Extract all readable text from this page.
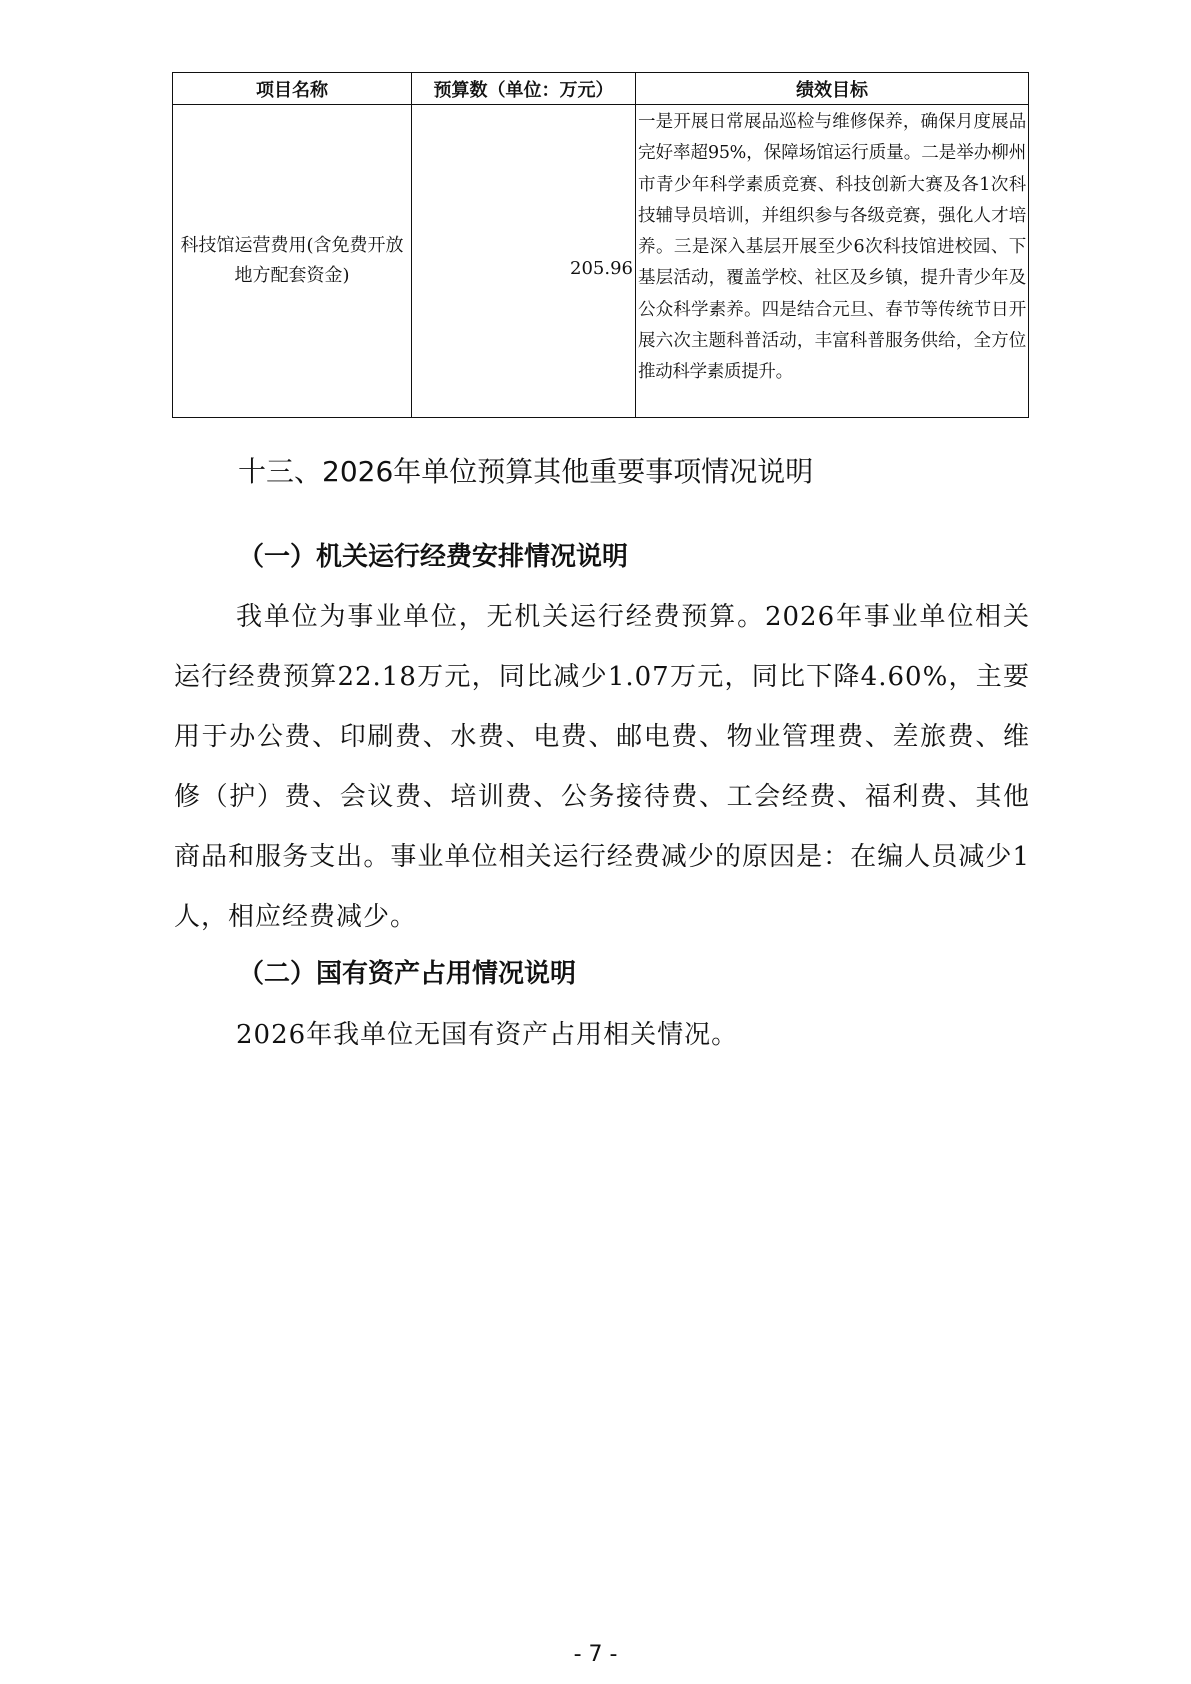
项目名称	预算数（单位：万元）	绩效目标
科技馆运营费用(含免费开放地方配套资金)	205.96	一是开展日常展品巡检与维修保养，确保月度展品完好率超95%，保障场馆运行质量。二是举办柳州市青少年科学素质竞赛、科技创新大赛及各1次科技辅导员培训，并组织参与各级竞赛，强化人才培养。三是深入基层开展至少6次科技馆进校园、下基层活动，覆盖学校、社区及乡镇，提升青少年及公众科学素养。四是结合元旦、春节等传统节日开展六次主题科普活动，丰富科普服务供给，全方位推动科学素质提升。
十三、2026年单位预算其他重要事项情况说明
（一）机关运行经费安排情况说明

我单位为事业单位，无机关运行经费预算。2026年事业单位相关运行经费预算22.18万元，同比减少1.07万元，同比下降4.60%，主要用于办公费、印刷费、水费、电费、邮电费、物业管理费、差旅费、维修（护）费、会议费、培训费、公务接待费、工会经费、福利费、其他商品和服务支出。事业单位相关运行经费减少的原因是：在编人员减少1人，相应经费减少。

（二）国有资产占用情况说明

2026年我单位无国有资产占用相关情况。

- 7 -
